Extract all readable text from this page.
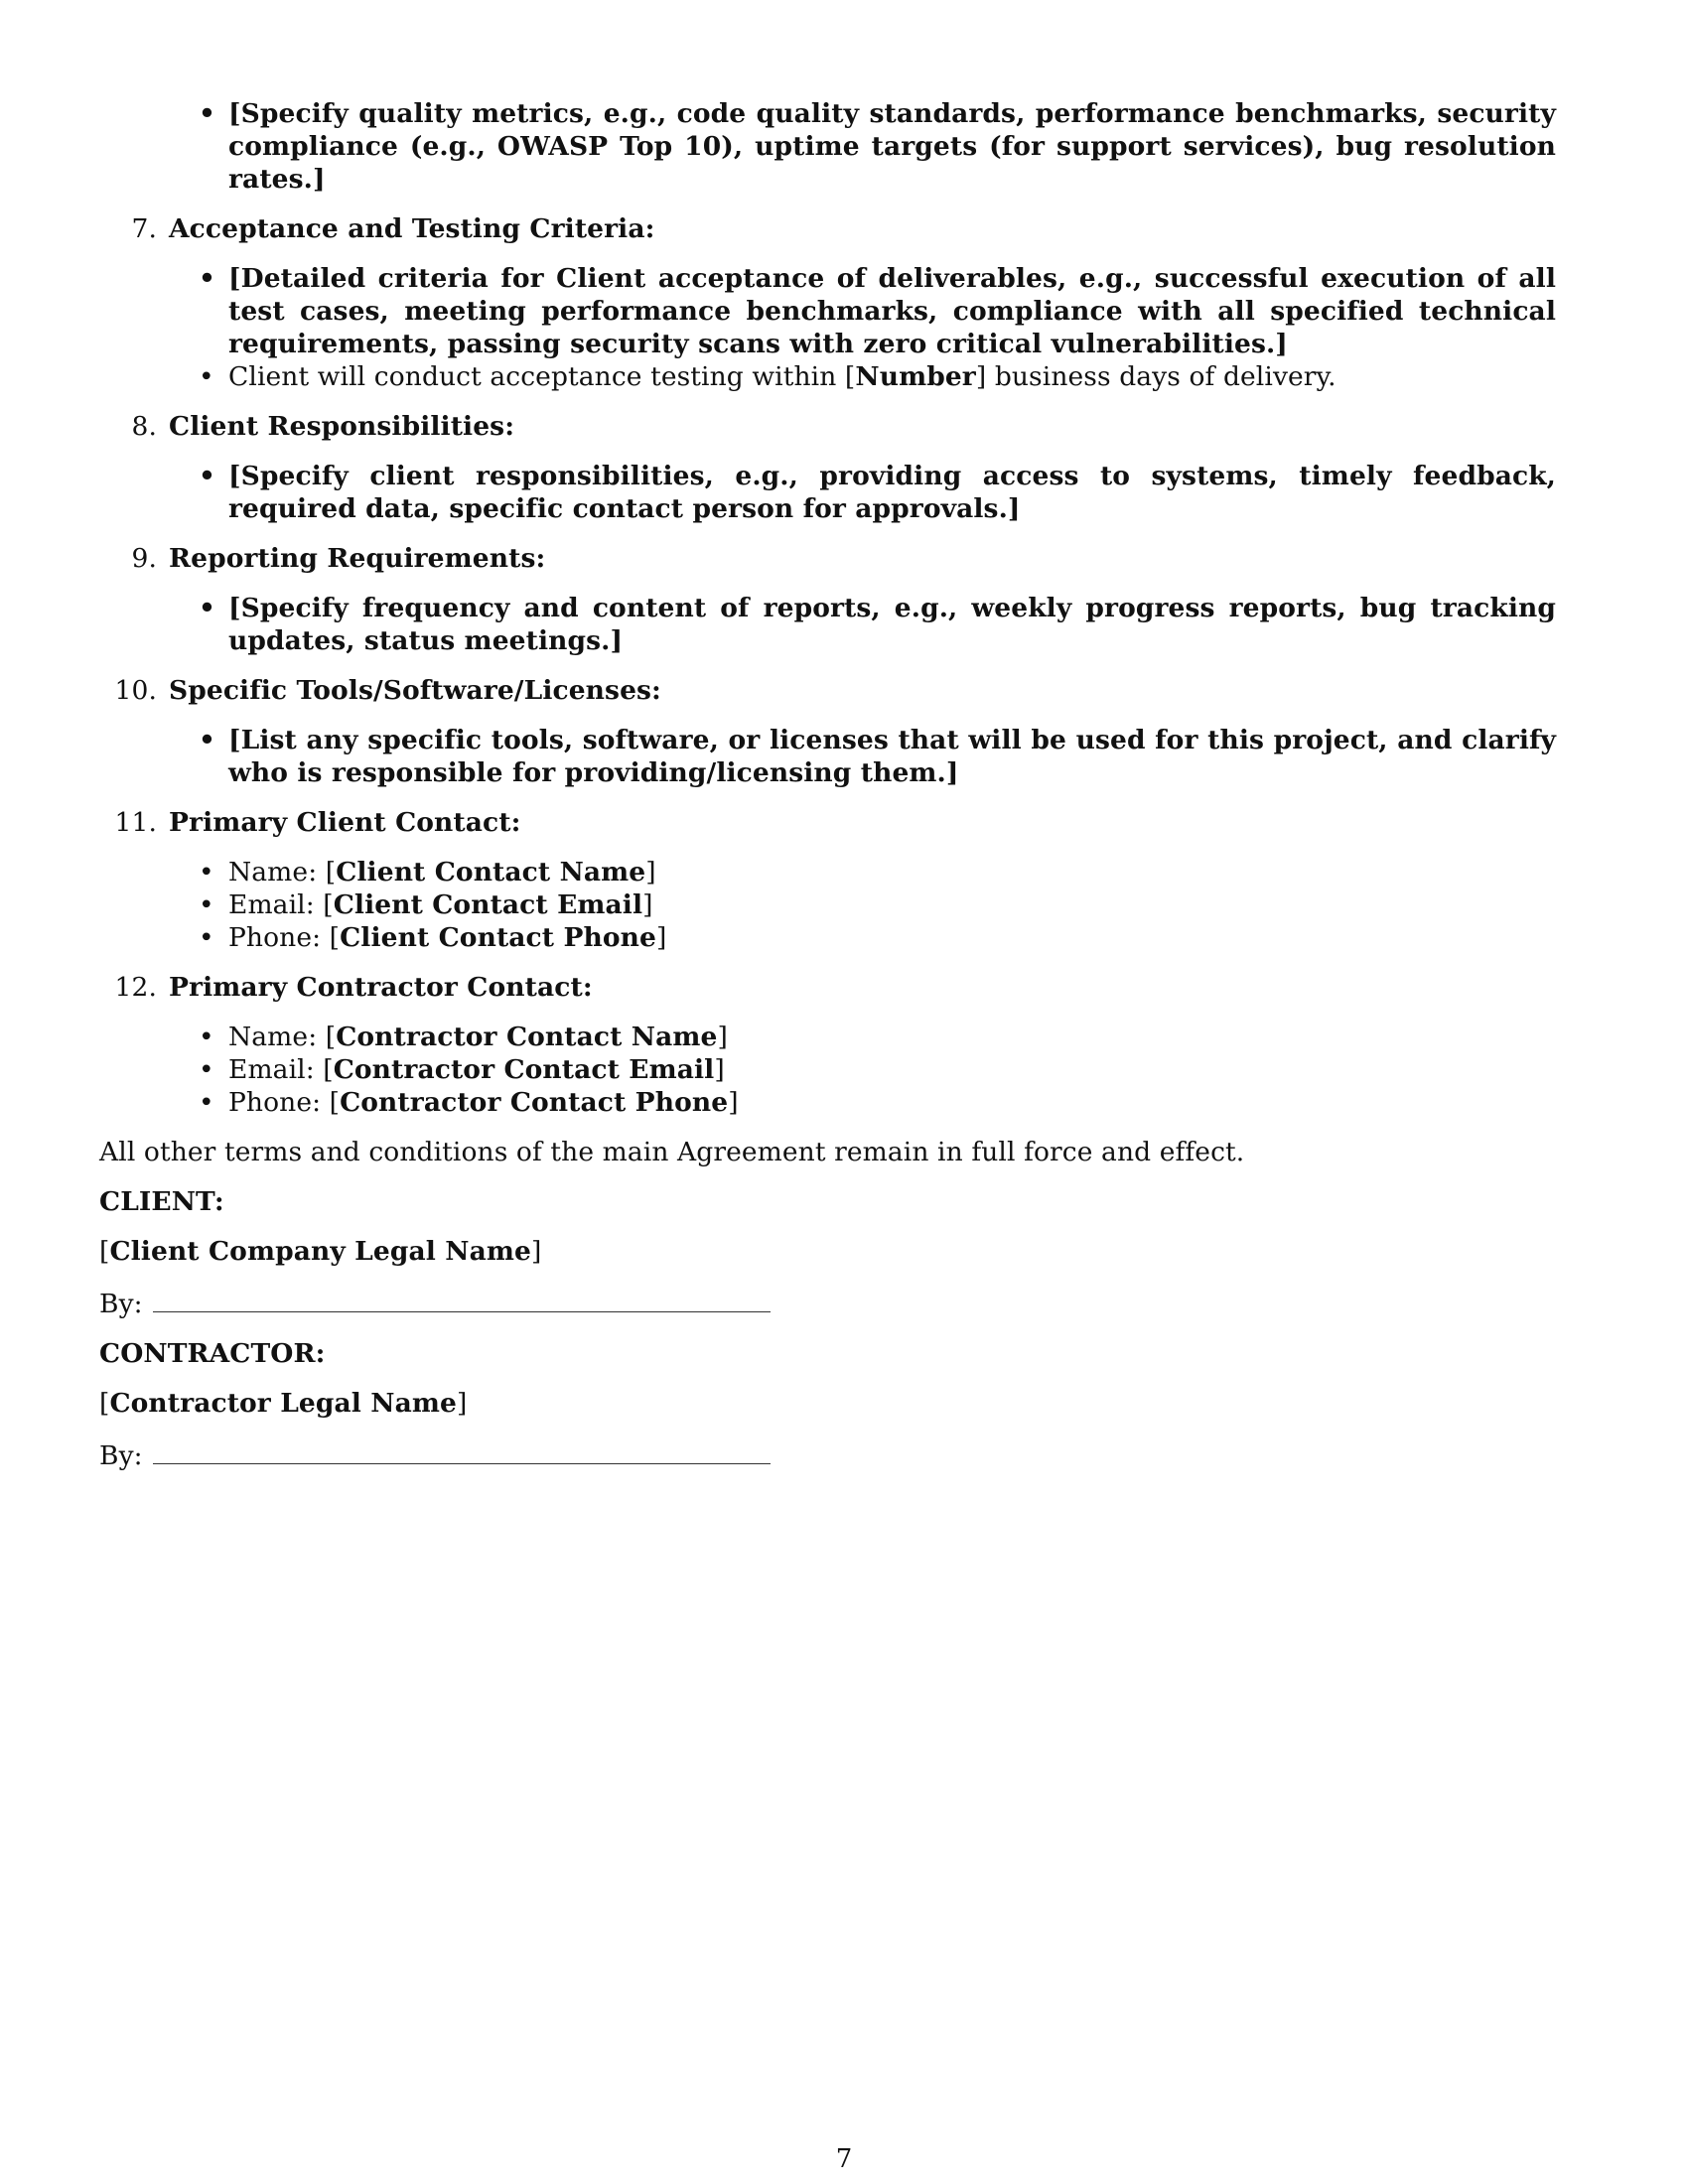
• [Specify quality metrics, e.g., code quality standards, performance benchmarks, security compliance (e.g., OWASP Top 10), uptime targets (for support services), bug resolution rates.]
7. Acceptance and Testing Criteria:
• [Detailed criteria for Client acceptance of deliverables, e.g., successful execution of all test cases, meeting performance benchmarks, compliance with all specified technical requirements, passing security scans with zero critical vulnerabilities.]
• Client will conduct acceptance testing within [Number] business days of delivery.
8. Client Responsibilities:
• [Specify client responsibilities, e.g., providing access to systems, timely feedback, required data, specific contact person for approvals.]
9. Reporting Requirements:
• [Specify frequency and content of reports, e.g., weekly progress reports, bug tracking updates, status meetings.]
10. Specific Tools/Software/Licenses:
• [List any specific tools, software, or licenses that will be used for this project, and clarify who is responsible for providing/licensing them.]
11. Primary Client Contact:
• Name: [Client Contact Name]
• Email: [Client Contact Email]
• Phone: [Client Contact Phone]
12. Primary Contractor Contact:
• Name: [Contractor Contact Name]
• Email: [Contractor Contact Email]
• Phone: [Contractor Contact Phone]
All other terms and conditions of the main Agreement remain in full force and effect.
CLIENT:
[Client Company Legal Name]
By:
CONTRACTOR:
[Contractor Legal Name]
By:
7
